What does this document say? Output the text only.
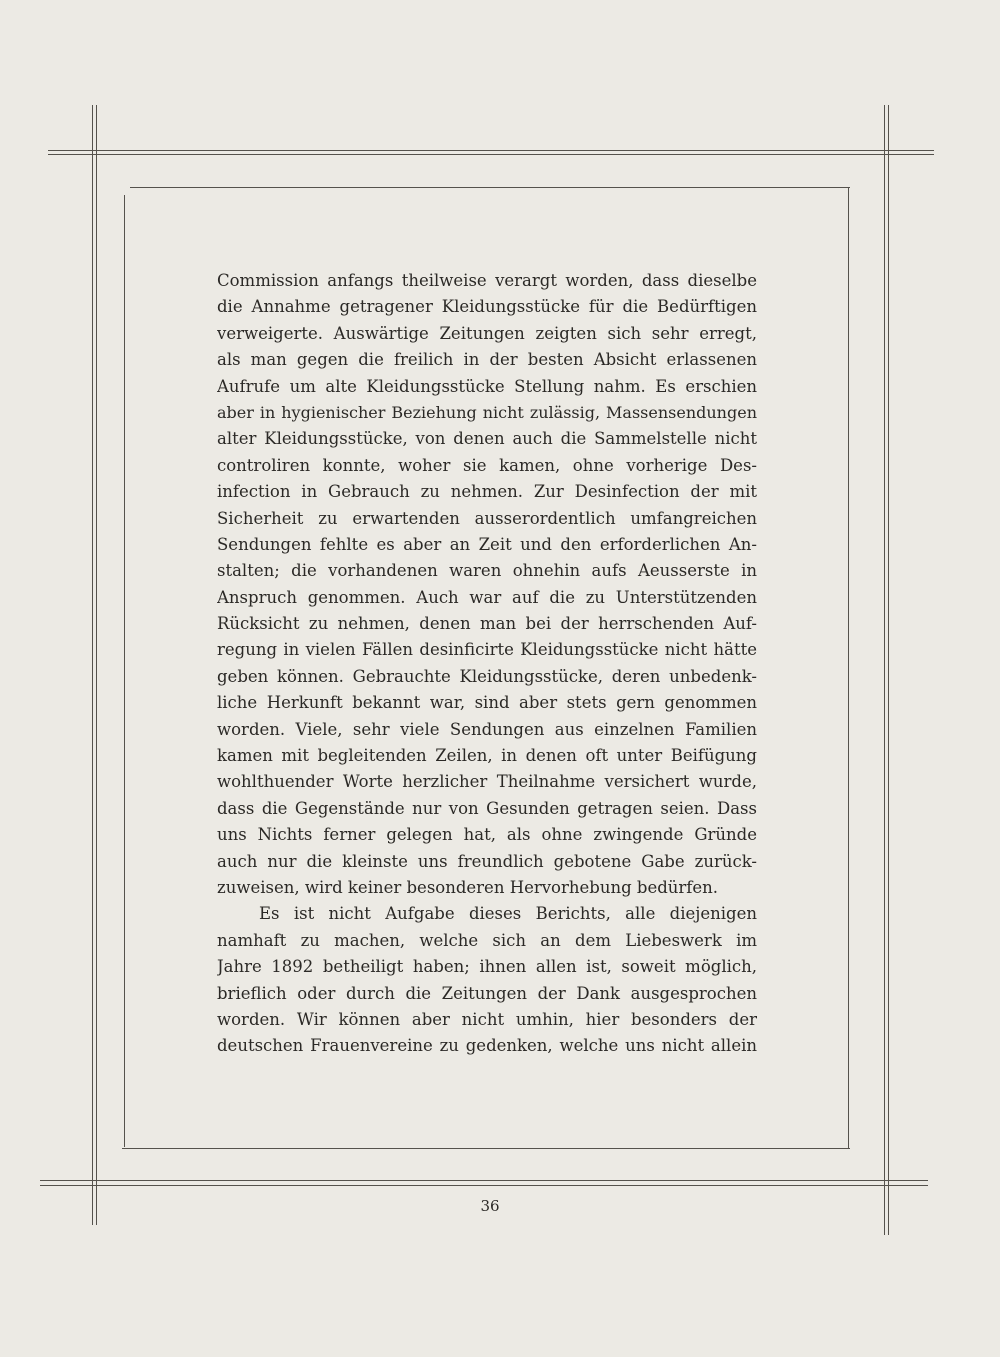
Commission anfangs theilweise verargt worden, dass dieselbe
die Annahme getragener Kleidungsstücke für die Bedürftigen
verweigerte. Auswärtige Zeitungen zeigten sich sehr erregt,
als man gegen die freilich in der besten Absicht erlassenen
Aufrufe um alte Kleidungsstücke Stellung nahm. Es erschien
aber in hygienischer Beziehung nicht zulässig, Massensendungen
alter Kleidungsstücke, von denen auch die Sammelstelle nicht
controliren konnte, woher sie kamen, ohne vorherige Des-
infection in Gebrauch zu nehmen. Zur Desinfection der mit
Sicherheit zu erwartenden ausserordentlich umfangreichen
Sendungen fehlte es aber an Zeit und den erforderlichen An-
stalten; die vorhandenen waren ohnehin aufs Aeusserste in
Anspruch genommen. Auch war auf die zu Unterstützenden
Rücksicht zu nehmen, denen man bei der herrschenden Auf-
regung in vielen Fällen desinficirte Kleidungsstücke nicht hätte
geben können. Gebrauchte Kleidungsstücke, deren unbedenk-
liche Herkunft bekannt war, sind aber stets gern genommen
worden. Viele, sehr viele Sendungen aus einzelnen Familien
kamen mit begleitenden Zeilen, in denen oft unter Beifügung
wohlthuender Worte herzlicher Theilnahme versichert wurde,
dass die Gegenstände nur von Gesunden getragen seien. Dass
uns Nichts ferner gelegen hat, als ohne zwingende Gründe
auch nur die kleinste uns freundlich gebotene Gabe zurück-
zuweisen, wird keiner besonderen Hervorhebung bedürfen.
Es ist nicht Aufgabe dieses Berichts, alle diejenigen
namhaft zu machen, welche sich an dem Liebeswerk im
Jahre 1892 betheiligt haben; ihnen allen ist, soweit möglich,
brieflich oder durch die Zeitungen der Dank ausgesprochen
worden. Wir können aber nicht umhin, hier besonders der
deutschen Frauenvereine zu gedenken, welche uns nicht allein
36
